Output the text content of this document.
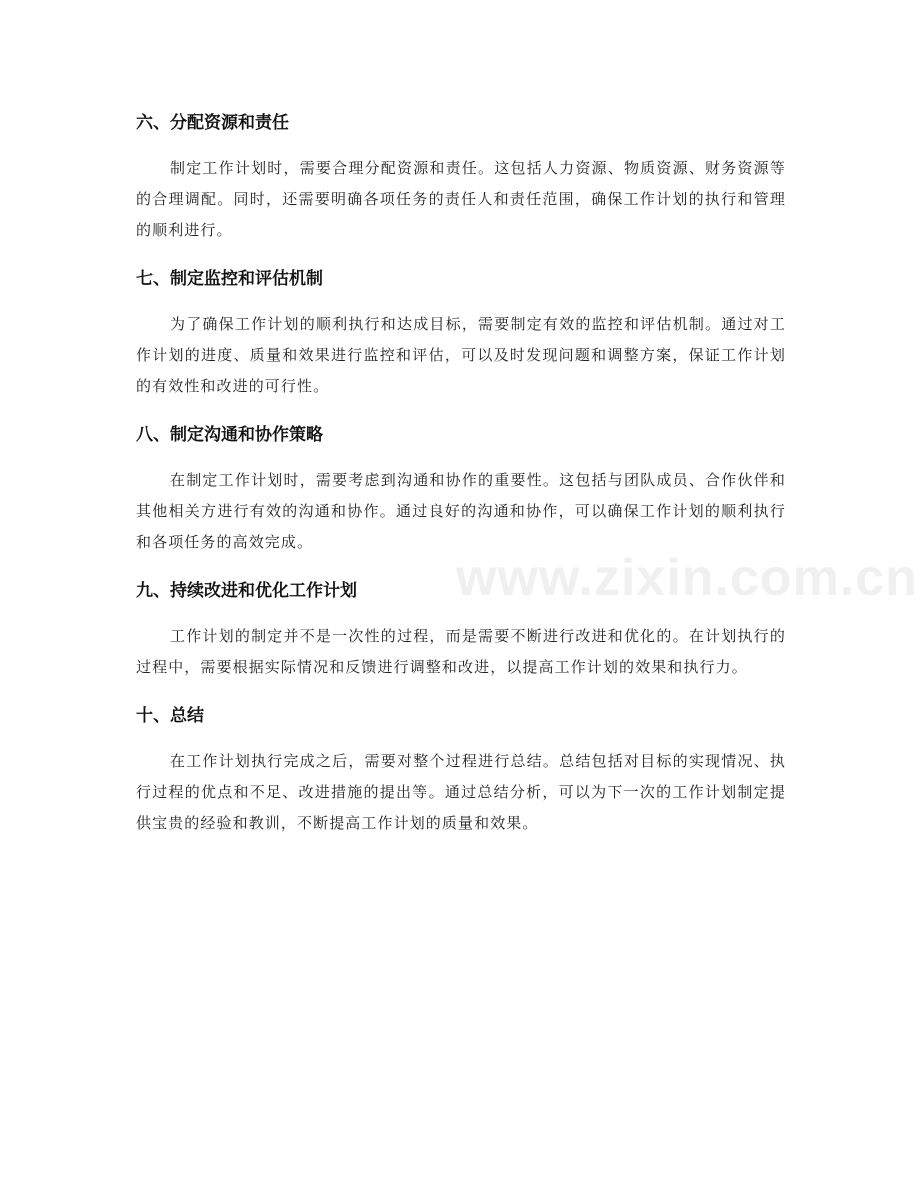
六、分配资源和责任

制定工作计划时，需要合理分配资源和责任。这包括人力资源、物质资源、财务资源等的合理调配。同时，还需要明确各项任务的责任人和责任范围，确保工作计划的执行和管理的顺利进行。

七、制定监控和评估机制

为了确保工作计划的顺利执行和达成目标，需要制定有效的监控和评估机制。通过对工作计划的进度、质量和效果进行监控和评估，可以及时发现问题和调整方案，保证工作计划的有效性和改进的可行性。

八、制定沟通和协作策略

在制定工作计划时，需要考虑到沟通和协作的重要性。这包括与团队成员、合作伙伴和其他相关方进行有效的沟通和协作。通过良好的沟通和协作，可以确保工作计划的顺利执行和各项任务的高效完成。

九、持续改进和优化工作计划

工作计划的制定并不是一次性的过程，而是需要不断进行改进和优化的。在计划执行的过程中，需要根据实际情况和反馈进行调整和改进，以提高工作计划的效果和执行力。

十、总结

在工作计划执行完成之后，需要对整个过程进行总结。总结包括对目标的实现情况、执行过程的优点和不足、改进措施的提出等。通过总结分析，可以为下一次的工作计划制定提供宝贵的经验和教训，不断提高工作计划的质量和效果。

www.zixin.com.cn
